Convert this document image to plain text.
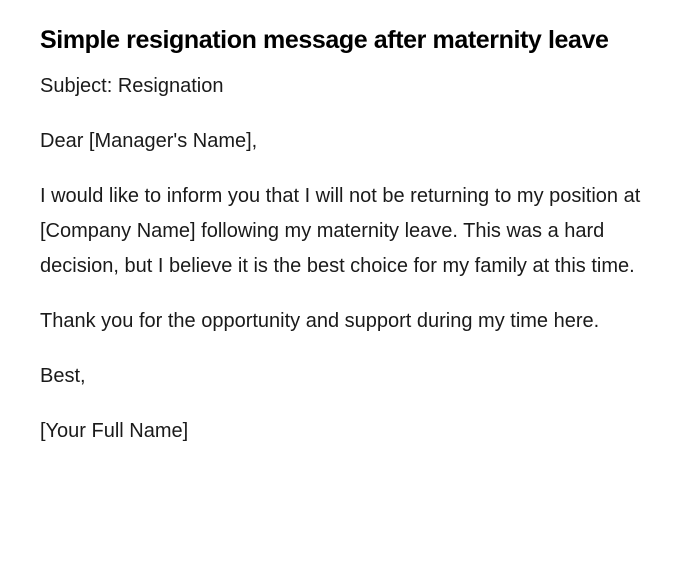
Simple resignation message after maternity leave

Subject: Resignation

Dear [Manager's Name],

I would like to inform you that I will not be returning to my position at [Company Name] following my maternity leave. This was a hard decision, but I believe it is the best choice for my family at this time.

Thank you for the opportunity and support during my time here.

Best,

[Your Full Name]
